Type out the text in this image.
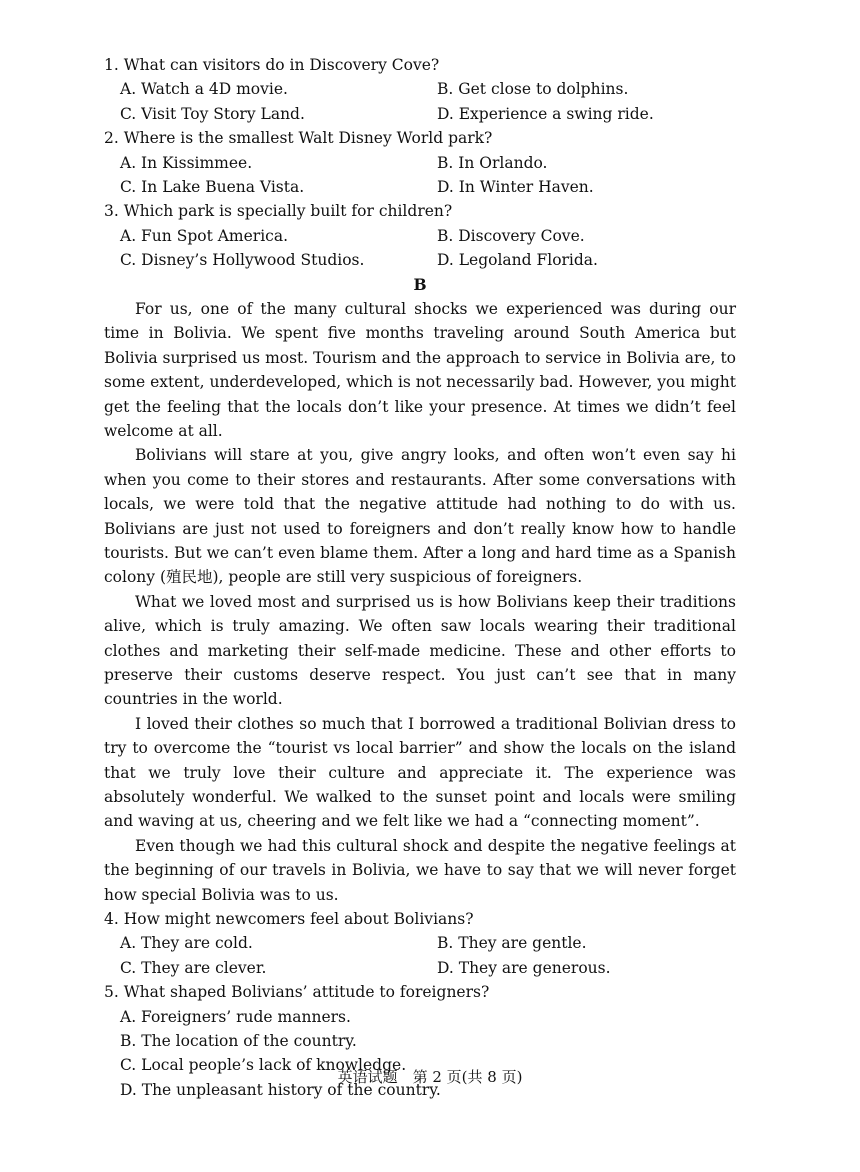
1. What can visitors do in Discovery Cove?
A. Watch a 4D movie.	B. Get close to dolphins.
C. Visit Toy Story Land.	D. Experience a swing ride.
2. Where is the smallest Walt Disney World park?
A. In Kissimmee.	B. In Orlando.
C. In Lake Buena Vista.	D. In Winter Haven.
3. Which park is specially built for children?
A. Fun Spot America.	B. Discovery Cove.
C. Disney’s Hollywood Studios.	D. Legoland Florida.
B

For us, one of the many cultural shocks we experienced was during our time in Bolivia. We spent five months traveling around South America but Bolivia surprised us most. Tourism and the approach to service in Bolivia are, to some extent, underdeveloped, which is not necessarily bad. However, you might get the feeling that the locals don’t like your presence. At times we didn’t feel welcome at all.

Bolivians will stare at you, give angry looks, and often won’t even say hi when you come to their stores and restaurants. After some conversations with locals, we were told that the negative attitude had nothing to do with us. Bolivians are just not used to foreigners and don’t really know how to handle tourists. But we can’t even blame them. After a long and hard time as a Spanish colony (殖民地), people are still very suspicious of foreigners.

What we loved most and surprised us is how Bolivians keep their traditions alive, which is truly amazing. We often saw locals wearing their traditional clothes and marketing their self-made medicine. These and other efforts to preserve their customs deserve respect. You just can’t see that in many countries in the world.

I loved their clothes so much that I borrowed a traditional Bolivian dress to try to overcome the “tourist vs local barrier” and show the locals on the island that we truly love their culture and appreciate it. The experience was absolutely wonderful. We walked to the sunset point and locals were smiling and waving at us, cheering and we felt like we had a “connecting moment”.

Even though we had this cultural shock and despite the negative feelings at the beginning of our travels in Bolivia, we have to say that we will never forget how special Bolivia was to us.

4. How might newcomers feel about Bolivians?
A. They are cold.	B. They are gentle.
C. They are clever.	D. They are generous.
5. What shaped Bolivians’ attitude to foreigners?
A. Foreigners’ rude manners.
B. The location of the country.
C. Local people’s lack of knowledge.
D. The unpleasant history of the country.
英语试题　第 2 页(共 8 页)
